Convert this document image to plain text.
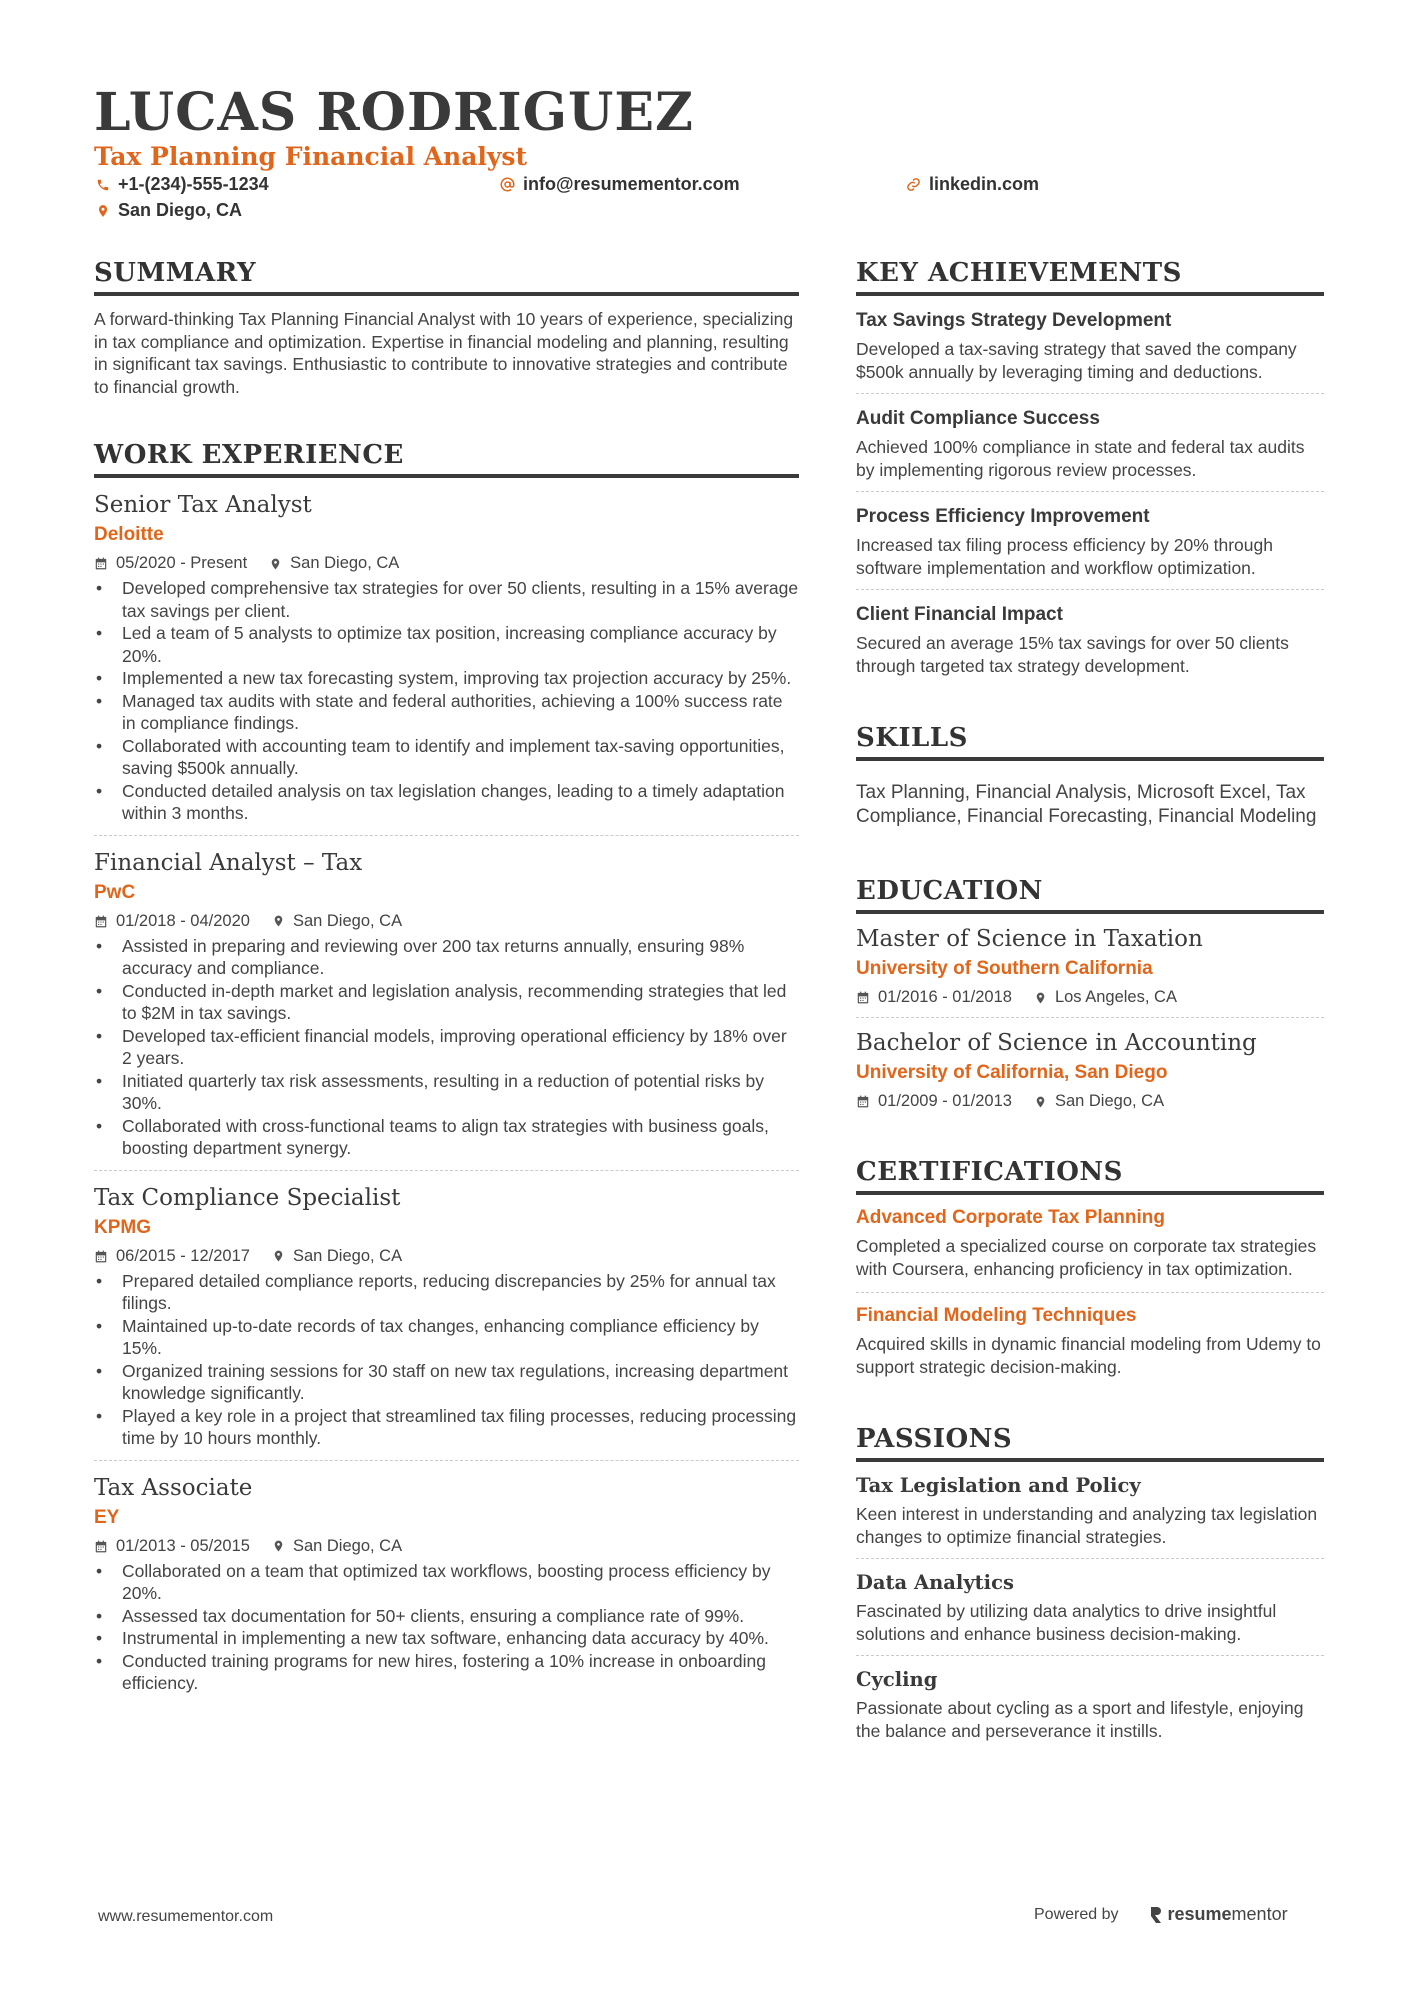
LUCAS RODRIGUEZ
Tax Planning Financial Analyst
+1-(234)-555-1234	info@resumementor.com	linkedin.com
San Diego, CA
SUMMARY

A forward-thinking Tax Planning Financial Analyst with 10 years of experience, specializing in tax compliance and optimization. Expertise in financial modeling and planning, resulting in significant tax savings. Enthusiastic to contribute to innovative strategies and contribute to financial growth.

WORK EXPERIENCE
Senior Tax Analyst
Deloitte
05/2020 - Present	San Diego, CA
• Developed comprehensive tax strategies for over 50 clients, resulting in a 15% average tax savings per client.
• Led a team of 5 analysts to optimize tax position, increasing compliance accuracy by 20%.
• Implemented a new tax forecasting system, improving tax projection accuracy by 25%.
• Managed tax audits with state and federal authorities, achieving a 100% success rate in compliance findings.
• Collaborated with accounting team to identify and implement tax-saving opportunities, saving $500k annually.
• Conducted detailed analysis on tax legislation changes, leading to a timely adaptation within 3 months.
Financial Analyst – Tax
PwC
01/2018 - 04/2020	San Diego, CA
• Assisted in preparing and reviewing over 200 tax returns annually, ensuring 98% accuracy and compliance.
• Conducted in-depth market and legislation analysis, recommending strategies that led to $2M in tax savings.
• Developed tax-efficient financial models, improving operational efficiency by 18% over 2 years.
• Initiated quarterly tax risk assessments, resulting in a reduction of potential risks by 30%.
• Collaborated with cross-functional teams to align tax strategies with business goals, boosting department synergy.
Tax Compliance Specialist
KPMG
06/2015 - 12/2017	San Diego, CA
• Prepared detailed compliance reports, reducing discrepancies by 25% for annual tax filings.
• Maintained up-to-date records of tax changes, enhancing compliance efficiency by 15%.
• Organized training sessions for 30 staff on new tax regulations, increasing department knowledge significantly.
• Played a key role in a project that streamlined tax filing processes, reducing processing time by 10 hours monthly.
Tax Associate
EY
01/2013 - 05/2015	San Diego, CA
• Collaborated on a team that optimized tax workflows, boosting process efficiency by 20%.
• Assessed tax documentation for 50+ clients, ensuring a compliance rate of 99%.
• Instrumental in implementing a new tax software, enhancing data accuracy by 40%.
• Conducted training programs for new hires, fostering a 10% increase in onboarding efficiency.
KEY ACHIEVEMENTS
Tax Savings Strategy Development
Developed a tax-saving strategy that saved the company $500k annually by leveraging timing and deductions.
Audit Compliance Success
Achieved 100% compliance in state and federal tax audits by implementing rigorous review processes.
Process Efficiency Improvement
Increased tax filing process efficiency by 20% through software implementation and workflow optimization.
Client Financial Impact
Secured an average 15% tax savings for over 50 clients through targeted tax strategy development.
SKILLS

Tax Planning, Financial Analysis, Microsoft Excel, Tax Compliance, Financial Forecasting, Financial Modeling

EDUCATION
Master of Science in Taxation
University of Southern California
01/2016 - 01/2018	Los Angeles, CA
Bachelor of Science in Accounting
University of California, San Diego
01/2009 - 01/2013	San Diego, CA
CERTIFICATIONS
Advanced Corporate Tax Planning
Completed a specialized course on corporate tax strategies with Coursera, enhancing proficiency in tax optimization.
Financial Modeling Techniques
Acquired skills in dynamic financial modeling from Udemy to support strategic decision-making.
PASSIONS
Tax Legislation and Policy
Keen interest in understanding and analyzing tax legislation changes to optimize financial strategies.
Data Analytics
Fascinated by utilizing data analytics to drive insightful solutions and enhance business decision-making.
Cycling
Passionate about cycling as a sport and lifestyle, enjoying the balance and perseverance it instills.
www.resumementor.com	Powered by	resume mentor
